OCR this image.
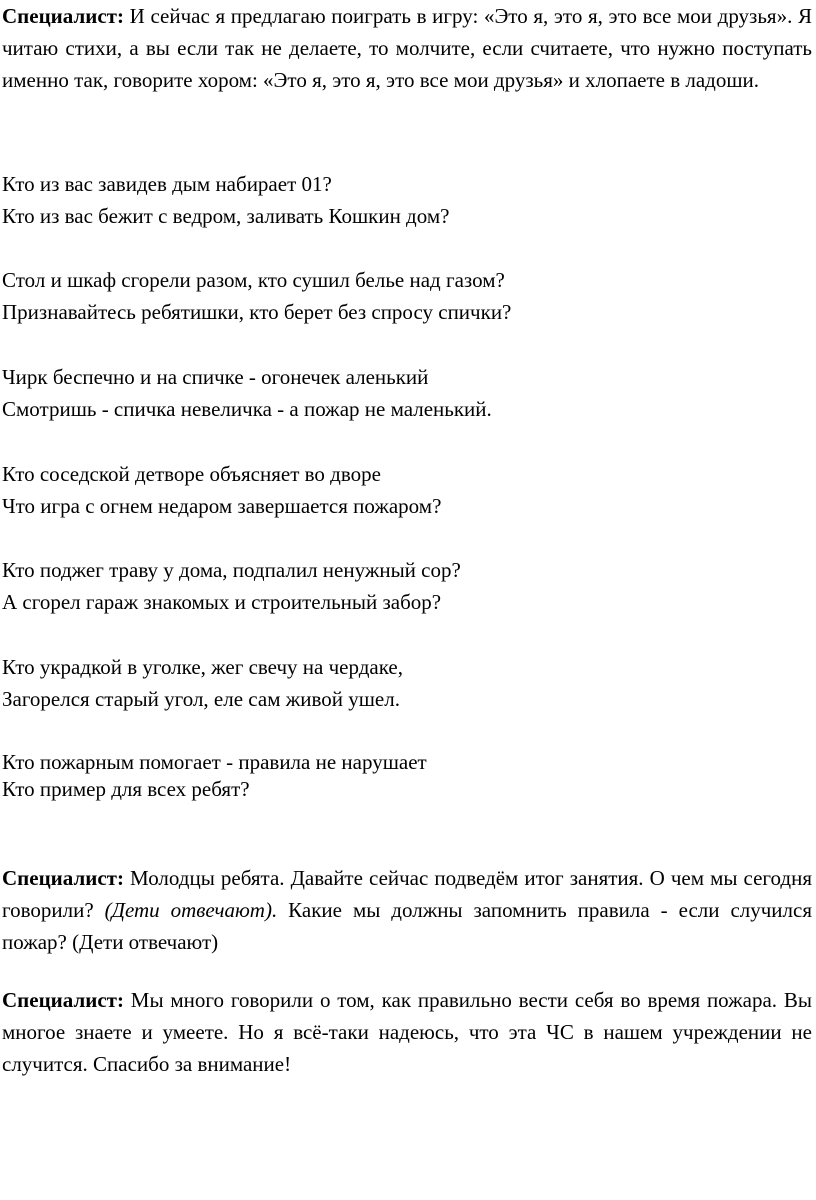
Специалист: И сейчас я предлагаю поиграть в игру: «Это я, это я, это все мои друзья». Я читаю стихи, а вы если так не делаете, то молчите, если считаете, что нужно поступать именно так, говорите хором: «Это я, это я, это все мои друзья» и хлопаете в ладоши.

Кто из вас завидев дым набирает 01?
Кто из вас бежит с ведром, заливать Кошкин дом?
Стол и шкаф сгорели разом, кто сушил белье над газом?
Признавайтесь ребятишки, кто берет без спросу спички?
Чирк беспечно и на спичке - огонечек аленький
Смотришь - спичка невеличка - а пожар не маленький.
Кто соседской детворе объясняет во дворе
Что игра с огнем недаром завершается пожаром?
Кто поджег траву у дома, подпалил ненужный сор?
А сгорел гараж знакомых и строительный забор?
Кто украдкой в уголке, жег свечу на чердаке,
Загорелся старый угол, еле сам живой ушел.
Кто пожарным помогает - правила не нарушает
Кто пример для всех ребят?

Специалист: Молодцы ребята. Давайте сейчас подведём итог занятия. О чем мы сегодня говорили? (Дети отвечают). Какие мы должны запомнить правила - если случился пожар? (Дети отвечают)

Специалист: Мы много говорили о том, как правильно вести себя во время пожара. Вы многое знаете и умеете. Но я всё-таки надеюсь, что эта ЧС в нашем учреждении не случится. Спасибо за внимание!
